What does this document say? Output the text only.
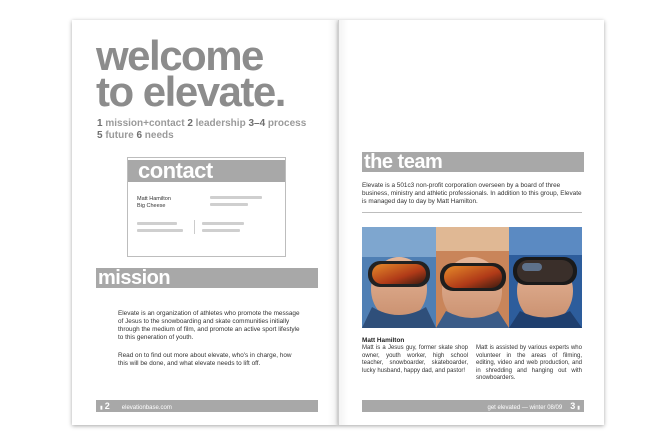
welcome
to elevate.
1 mission+contact 2 leadership 3–4 process
5 future 6 needs
contact
Matt Hamilton
Big Cheese
mission
Elevate is an organization of athletes who promote the message of Jesus to the snowboarding and skate communities initially through the medium of film, and promote an active sport lifestyle to this generation of youth.
Read on to find out more about elevate, who's in charge, how this will be done, and what elevate needs to lift off.
▮ 2 elevationbase.com
the team
Elevate is a 501c3 non-profit corporation overseen by a board of three business, ministry and athletic professionals. In addition to this group, Elevate is managed day to day by Matt Hamilton.
Matt Hamilton
Matt is a Jesus guy, former skate shop owner, youth worker, high school teacher, snowboarder, skateboarder, lucky husband, happy dad, and pastor!
Matt is assisted by various experts who volunteer in the areas of filming, editing, video and web production, and in shredding and hanging out with snowboarders.
get elevated — winter 08/09 3 ▮
